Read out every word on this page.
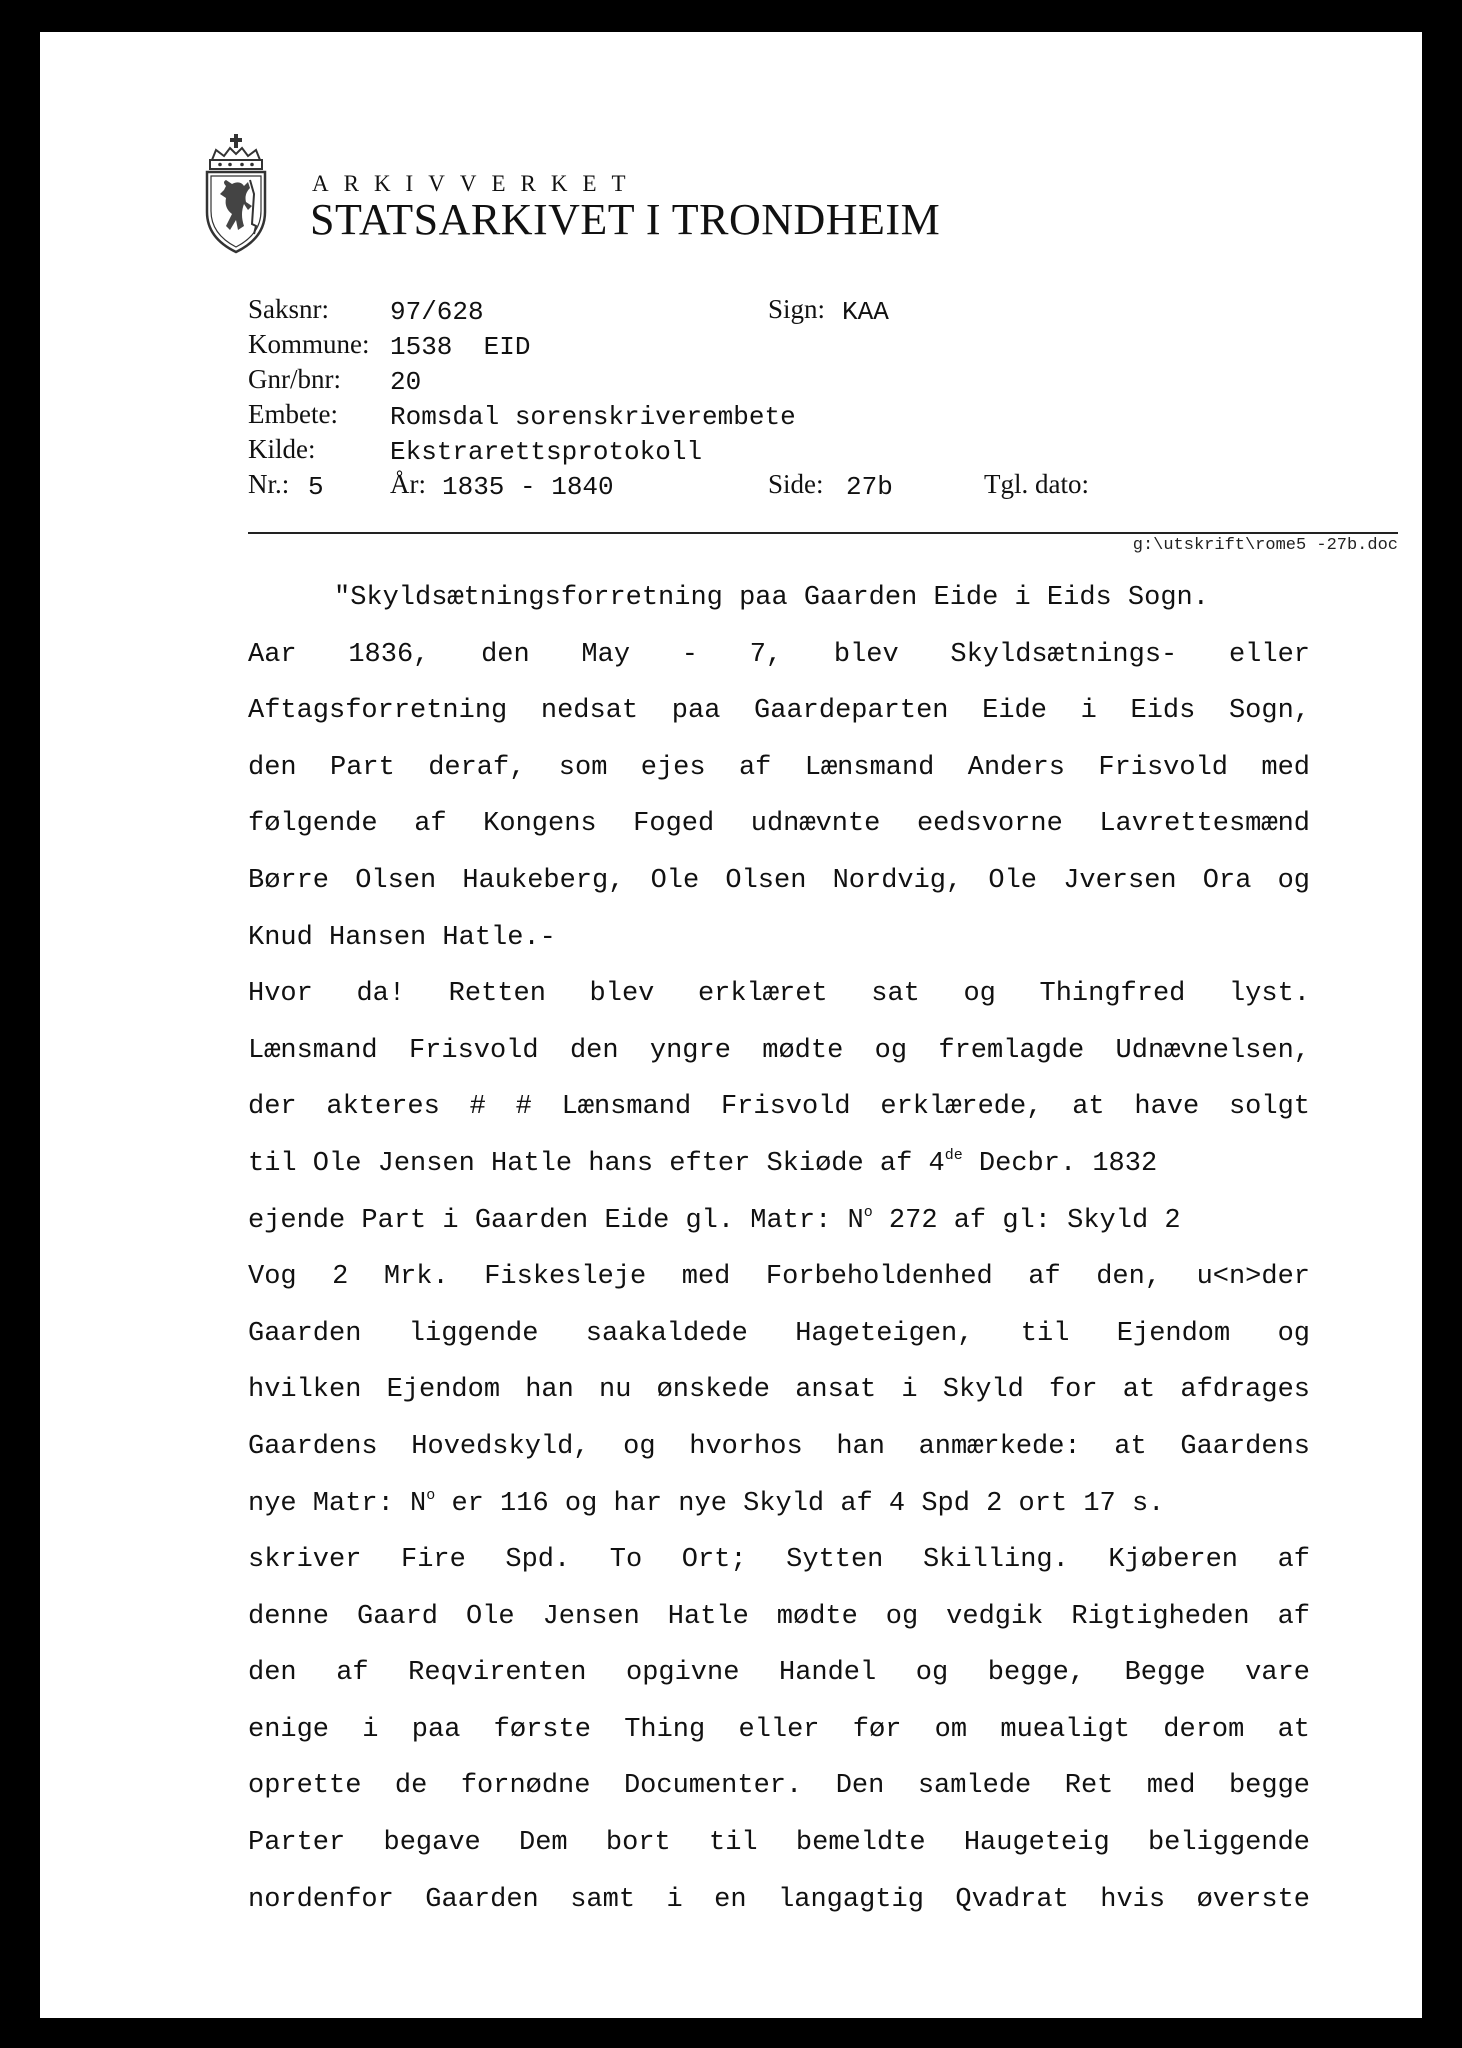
ARKIVVERKET
STATSARKIVET I TRONDHEIM
Saksnr: 97/628	Sign: KAA
Kommune: 1538  EID
Gnr/bnr: 20
Embete: Romsdal sorenskriverembete
Kilde:	Ekstrarettsprotokoll
Nr.: 5 År: 1835 - 1840	Side: 27b	Tgl. dato:
g:\utskrift\rome5 -27b.doc
"Skyldsætningsforretning paa Gaarden Eide i Eids Sogn.
Aar 1836, den May - 7, blev Skyldsætnings- eller
Aftagsforretning nedsat paa Gaardeparten Eide i Eids Sogn,
den Part deraf, som ejes af Lænsmand Anders Frisvold med
følgende af Kongens Foged udnævnte eedsvorne Lavrettesmænd
Børre Olsen Haukeberg, Ole Olsen Nordvig, Ole Jversen Ora og
Knud Hansen Hatle.-
Hvor da! Retten blev erklæret sat og Thingfred lyst.
Lænsmand Frisvold den yngre mødte og fremlagde Udnævnelsen,
der akteres # # Lænsmand Frisvold erklærede, at have solgt
til Ole Jensen Hatle hans efter Skiøde af 4de Decbr. 1832
ejende Part i Gaarden Eide gl. Matr: $N^o$ 272 af gl: Skyld 2
Vog 2 Mrk. Fiskesleje med Forbeholdenhed af den, u<n>der
Gaarden liggende saakaldede Hageteigen, til Ejendom og
hvilken Ejendom han nu ønskede ansat i Skyld for at afdrages
Gaardens Hovedskyld, og hvorhos han anmærkede: at Gaardens
nye Matr: $N^o$ er 116 og har nye Skyld af 4 Spd 2 ort 17 s.
skriver Fire Spd. To Ort; Sytten Skilling. Kjøberen af
denne Gaard Ole Jensen Hatle mødte og vedgik Rigtigheden af
den af Reqvirenten opgivne Handel og begge, Begge vare
enige i paa første Thing eller før om muealigt derom at
oprette de fornødne Documenter. Den samlede Ret med begge
Parter begave Dem bort til bemeldte Haugeteig beliggende
nordenfor Gaarden samt i en langagtig Qvadrat hvis øverste
